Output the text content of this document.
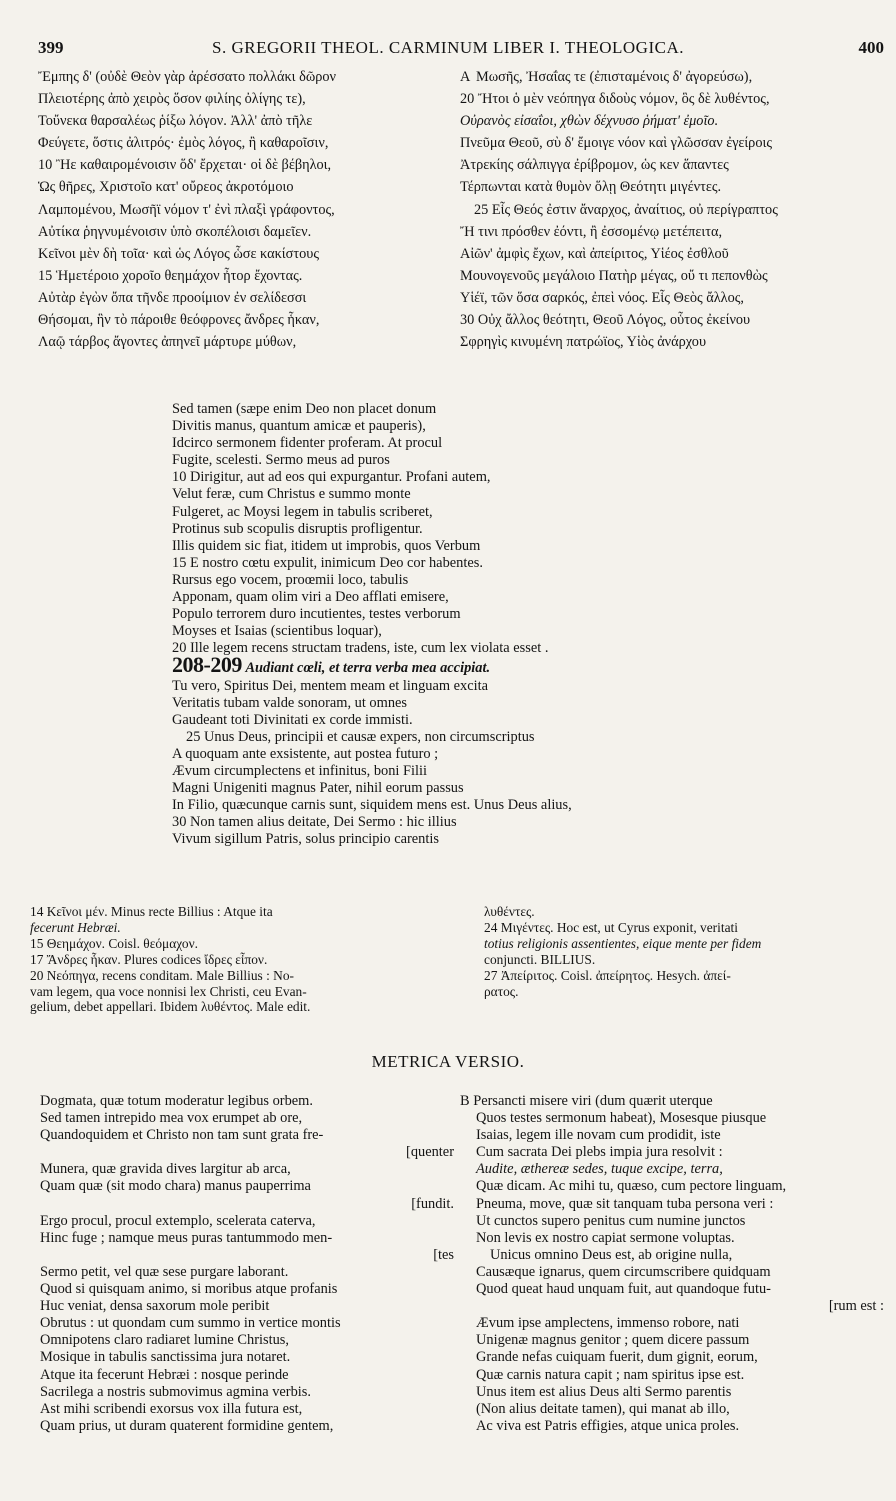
399	S. GREGORII THEOL. CARMINUM LIBER I. THEOLOGICA.	400
Ἔμπης δ' (οὐδὲ Θεὸν γὰρ ἀρέσσατο πολλάκι δῶρον
Πλειοτέρης ἀπὸ χειρὸς ὅσον φιλίης ὀλίγης τε),
Τοὔνεκα θαρσαλέως ῥίξω λόγον. Ἀλλ' ἀπὸ τῆλε
Φεύγετε, ὅστις ἀλιτρός· ἐμὸς λόγος, ἢ καθαροῖσιν,
10 Ἢε καθαιρομένοισιν ὅδ' ἔρχεται· οἱ δὲ βέβηλοι,
Ὡς θῆρες, Χριστοῖο κατ' οὔρεος ἀκροτόμοιο
Λαμπομένου, Μωσῆϊ νόμον τ' ἐνὶ πλαξὶ γράφοντος,
Αὐτίκα ῥηγνυμένοισιν ὑπὸ σκοπέλοισι δαμεῖεν.
Κεῖνοι μὲν δὴ τοῖα· καὶ ὡς Λόγος ὧσε κακίστους
15 Ἡμετέροιο χοροῖο θεημάχον ἦτορ ἔχοντας.
Αὐτὰρ ἐγὼν ὄπα τῆνδε προοίμιον ἐν σελίδεσσι
Θήσομαι, ἣν τὸ πάροιθε θεόφρονες ἄνδρες ἧκαν,
Λαῷ τάρβος ἄγοντες ἀπηνεῖ μάρτυρε μύθων,
A Μωσῆς, Ἠσαΐας τε (ἐπισταμένοις δ' ἀγορεύσω),
20 Ἤτοι ὁ μὲν νεόπηγα διδοὺς νόμον, ὃς δὲ λυθέντος,
Οὐρανὸς εἰσαΐοι, χθὼν δέχνυσο ῥήματ' ἐμοῖο.
Πνεῦμα Θεοῦ, σὺ δ' ἔμοιγε νόον καὶ γλῶσσαν ἐγείροις
Ἀτρεκίης σάλπιγγα ἐρίβρομον, ὡς κεν ἅπαντες
Τέρπωνται κατὰ θυμὸν ὅλῃ Θεότητι μιγέντες.
25 Εἷς Θεός ἐστιν ἄναρχος, ἀναίτιος, οὐ περίγραπτος
Ἤ τινι πρόσθεν ἐόντι, ἢ ἐσσομένῳ μετέπειτα,
Αἰῶν' ἀμφὶς ἔχων, καὶ ἀπείριτος, Υἱέος ἐσθλοῦ
Μουνογενοῦς μεγάλοιο Πατὴρ μέγας, οὔ τι πεπονθὼς
Υἱέϊ, τῶν ὅσα σαρκός, ἐπεὶ νόος. Εἷς Θεὸς ἄλλος,
30 Οὐχ ἄλλος θεότητι, Θεοῦ Λόγος, οὗτος ἐκείνου
Σφρηγὶς κινυμένη πατρώϊος, Υἱὸς ἀνάρχου
Sed tamen (sæpe enim Deo non placet donum
Divitis manus, quantum amicæ et pauperis),
Idcirco sermonem fidenter proferam. At procul
Fugite, scelesti. Sermo meus ad puros
10 Dirigitur, aut ad eos qui expurgantur. Profani autem,
Velut feræ, cum Christus e summo monte
Fulgeret, ac Moysi legem in tabulis scriberet,
Protinus sub scopulis disruptis profligentur.
Illis quidem sic fiat, itidem ut improbis, quos Verbum
15 E nostro cœtu expulit, inimicum Deo cor habentes.
Rursus ego vocem, proœmii loco, tabulis
Apponam, quam olim viri a Deo afflati emisere,
Populo terrorem duro incutientes, testes verborum
Moyses et Isaias (scientibus loquar),
20 Ille legem recens structam tradens, iste, cum lex violata esset .
208-209 Audiant cœli, et terra verba mea accipiat.
Tu vero, Spiritus Dei, mentem meam et linguam excita
Veritatis tubam valde sonoram, ut omnes
Gaudeant toti Divinitati ex corde immisti.
25 Unus Deus, principii et causæ expers, non circumscriptus
A quoquam ante exsistente, aut postea futuro ;
Ævum circumplectens et infinitus, boni Filii
Magni Unigeniti magnus Pater, nihil eorum passus
In Filio, quæcunque carnis sunt, siquidem mens est. Unus Deus alius,
30 Non tamen alius deitate, Dei Sermo : hic illius
Vivum sigillum Patris, solus principio carentis
14 Κεῖνοι μέν. Minus recte Billius : Atque ita
fecerunt Hebræi.
15 Θεημάχον. Coisl. θεόμαχον.
17 Ἄνδρες ἧκαν. Plures codices ἴδρες εἶπον.
20 Νεόπηγα, recens conditam. Male Billius : No-
vam legem, qua voce nonnisi lex Christi, ceu Evan-
gelium, debet appellari. Ibidem λυθέντος. Male edit.
λυθέντες.
24 Μιγέντες. Hoc est, ut Cyrus exponit, veritati
totius religionis assentientes, eique mente per fidem
conjuncti. BILLIUS.
27 Ἀπείριτος. Coisl. ἀπείρητος. Hesych. ἀπεί-
ρατος.
METRICA VERSIO.
Dogmata, quæ totum moderatur legibus orbem.
Sed tamen intrepido mea vox erumpet ab ore,
Quandoquidem et Christo non tam sunt grata fre-
[quenter
Munera, quæ gravida dives largitur ab arca,
Quam quæ (sit modo chara) manus pauperrima
[fundit.
Ergo procul, procul extemplo, scelerata caterva,
Hinc fuge ; namque meus puras tantummodo men-
[tes
Sermo petit, vel quæ sese purgare laborant.
Quod si quisquam animo, si moribus atque profanis
Huc veniat, densa saxorum mole peribit
Obrutus : ut quondam cum summo in vertice montis
Omnipotens claro radiaret lumine Christus,
Mosique in tabulis sanctissima jura notaret.
Atque ita fecerunt Hebræi : nosque perinde
Sacrilega a nostris submovimus agmina verbis.
Ast mihi scribendi exorsus vox illa futura est,
Quam prius, ut duram quaterent formidine gentem,
B Persancti misere viri (dum quærit uterque
Quos testes sermonum habeat), Mosesque piusque
Isaias, legem ille novam cum prodidit, iste
Cum sacrata Dei plebs impia jura resolvit :
Audite, æthereæ sedes, tuque excipe, terra,
Quæ dicam. Ac mihi tu, quæso, cum pectore linguam,
Pneuma, move, quæ sit tanquam tuba persona veri :
Ut cunctos supero penitus cum numine junctos
Non levis ex nostro capiat sermone voluptas.
Unicus omnino Deus est, ab origine nulla,
Causæque ignarus, quem circumscribere quidquam
Quod queat haud unquam fuit, aut quandoque futu-
[rum est :
Ævum ipse amplectens, immenso robore, nati
Unigenæ magnus genitor ; quem dicere passum
Grande nefas cuiquam fuerit, dum gignit, eorum,
Quæ carnis natura capit ; nam spiritus ipse est.
Unus item est alius Deus alti Sermo parentis
(Non alius deitate tamen), qui manat ab illo,
Ac viva est Patris effigies, atque unica proles.
